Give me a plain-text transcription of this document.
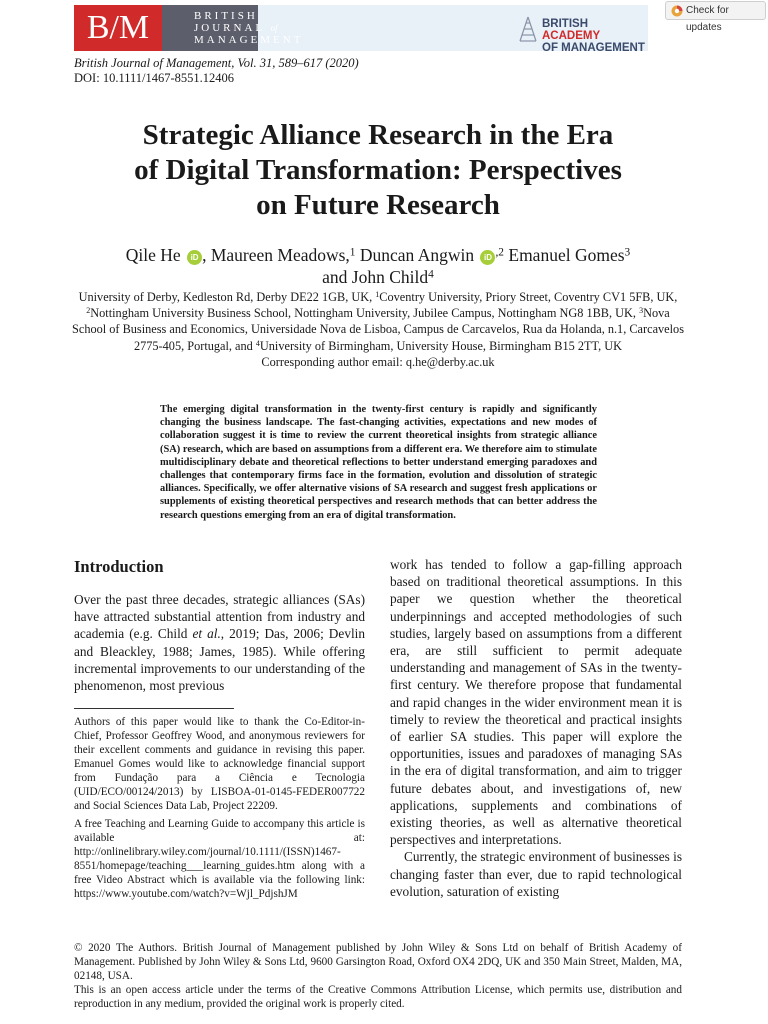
B/M	BRITISH
JOURNAL of
MANAGEMENT
BRITISH ACADEMY
OF MANAGEMENT
Check for updates
British Journal of Management, Vol. 31, 589–617 (2020)
DOI: 10.1111/1467-8551.12406
Strategic Alliance Research in the Era
of Digital Transformation: Perspectives
on Future Research
Qile He iD , Maureen Meadows,$^1$ Duncan Angwin iD $^{,2}$ Emanuel Gomes$^3$
and John Child$^4$
University of Derby, Kedleston Rd, Derby DE22 1GB, UK, $^1$Coventry University, Priory Street, Coventry CV1 5FB, UK, $^2$Nottingham University Business School, Nottingham University, Jubilee Campus, Nottingham NG8 1BB, UK, $^3$Nova School of Business and Economics, Universidade Nova de Lisboa, Campus de Carcavelos, Rua da Holanda, n.1, Carcavelos 2775-405, Portugal, and $^4$University of Birmingham, University House, Birmingham B15 2TT, UK
Corresponding author email: q.he@derby.ac.uk
The emerging digital transformation in the twenty-first century is rapidly and significantly changing the business landscape. The fast-changing activities, expectations and new modes of collaboration suggest it is time to review the current theoretical insights from strategic alliance (SA) research, which are based on assumptions from a different era. We therefore aim to stimulate multidisciplinary debate and theoretical reflections to better understand emerging paradoxes and challenges that contemporary firms face in the formation, evolution and dissolution of strategic alliances. Specifically, we offer alternative visions of SA research and suggest fresh applications or supplements of existing theoretical perspectives and research methods that can better address the research questions emerging from an era of digital transformation.
Introduction

Over the past three decades, strategic alliances (SAs) have attracted substantial attention from industry and academia (e.g. Child et al., 2019; Das, 2006; Devlin and Bleackley, 1988; James, 1985). While offering incremental improvements to our understanding of the phenomenon, most previous

work has tended to follow a gap-filling approach based on traditional theoretical assumptions. In this paper we question whether the theoretical underpinnings and accepted methodologies of such studies, largely based on assumptions from a different era, are still sufficient to permit adequate understanding and management of SAs in the twenty-first century. We therefore propose that fundamental and rapid changes in the wider environment mean it is timely to review the theoretical and practical insights of earlier SA studies. This paper will explore the opportunities, issues and paradoxes of managing SAs in the era of digital transformation, and aim to trigger future debates about, and investigations of, new applications, supplements and combinations of existing theories, as well as alternative theoretical perspectives and interpretations.

Currently, the strategic environment of businesses is changing faster than ever, due to rapid technological evolution, saturation of existing

Authors of this paper would like to thank the Co-Editor-in-Chief, Professor Geoffrey Wood, and anonymous reviewers for their excellent comments and guidance in revising this paper. Emanuel Gomes would like to acknowledge financial support from Fundação para a Ciência e Tecnologia (UID/ECO/00124/2013) by LISBOA-01-0145-FEDER007722 and Social Sciences Data Lab, Project 22209.

A free Teaching and Learning Guide to accompany this article is available at: http://onlinelibrary.wiley.com/journal/10.1111/(ISSN)1467-8551/homepage/teaching___learning_guides.htm along with a free Video Abstract which is available via the following link: https://www.youtube.com/watch?v=Wjl_PdjshJM

© 2020 The Authors. British Journal of Management published by John Wiley & Sons Ltd on behalf of British Academy of Management. Published by John Wiley & Sons Ltd, 9600 Garsington Road, Oxford OX4 2DQ, UK and 350 Main Street, Malden, MA, 02148, USA.

This is an open access article under the terms of the Creative Commons Attribution License, which permits use, distribution and reproduction in any medium, provided the original work is properly cited.
